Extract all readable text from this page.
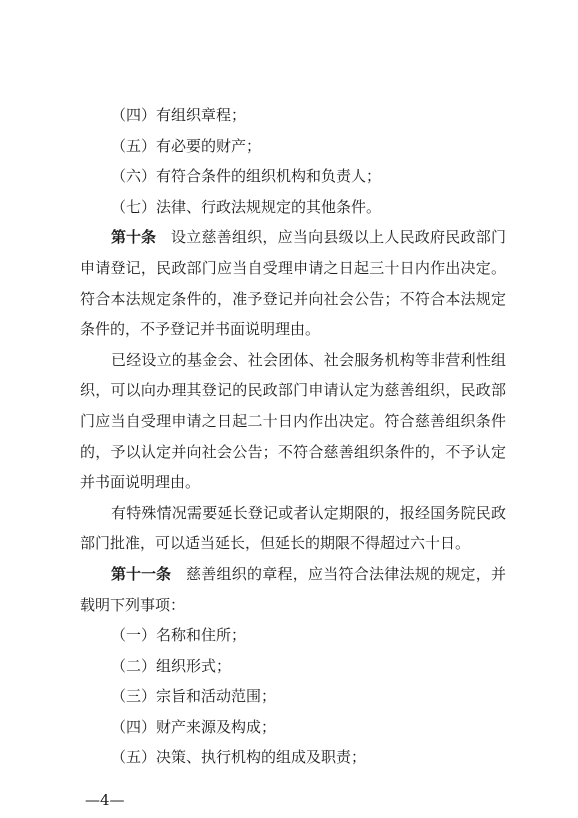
（四）有组织章程；
（五）有必要的财产；
（六）有符合条件的组织机构和负责人；
（七）法律、行政法规规定的其他条件。
第十条 设立慈善组织，应当向县级以上人民政府民政部门
申请登记，民政部门应当自受理申请之日起三十日内作出决定。
符合本法规定条件的，准予登记并向社会公告；不符合本法规定
条件的，不予登记并书面说明理由。
已经设立的基金会、社会团体、社会服务机构等非营利性组
织，可以向办理其登记的民政部门申请认定为慈善组织，民政部
门应当自受理申请之日起二十日内作出决定。符合慈善组织条件
的，予以认定并向社会公告；不符合慈善组织条件的，不予认定
并书面说明理由。
有特殊情况需要延长登记或者认定期限的，报经国务院民政
部门批准，可以适当延长，但延长的期限不得超过六十日。
第十一条 慈善组织的章程，应当符合法律法规的规定，并
载明下列事项：
（一）名称和住所；
（二）组织形式；
（三）宗旨和活动范围；
（四）财产来源及构成；
（五）决策、执行机构的组成及职责；
—4—
